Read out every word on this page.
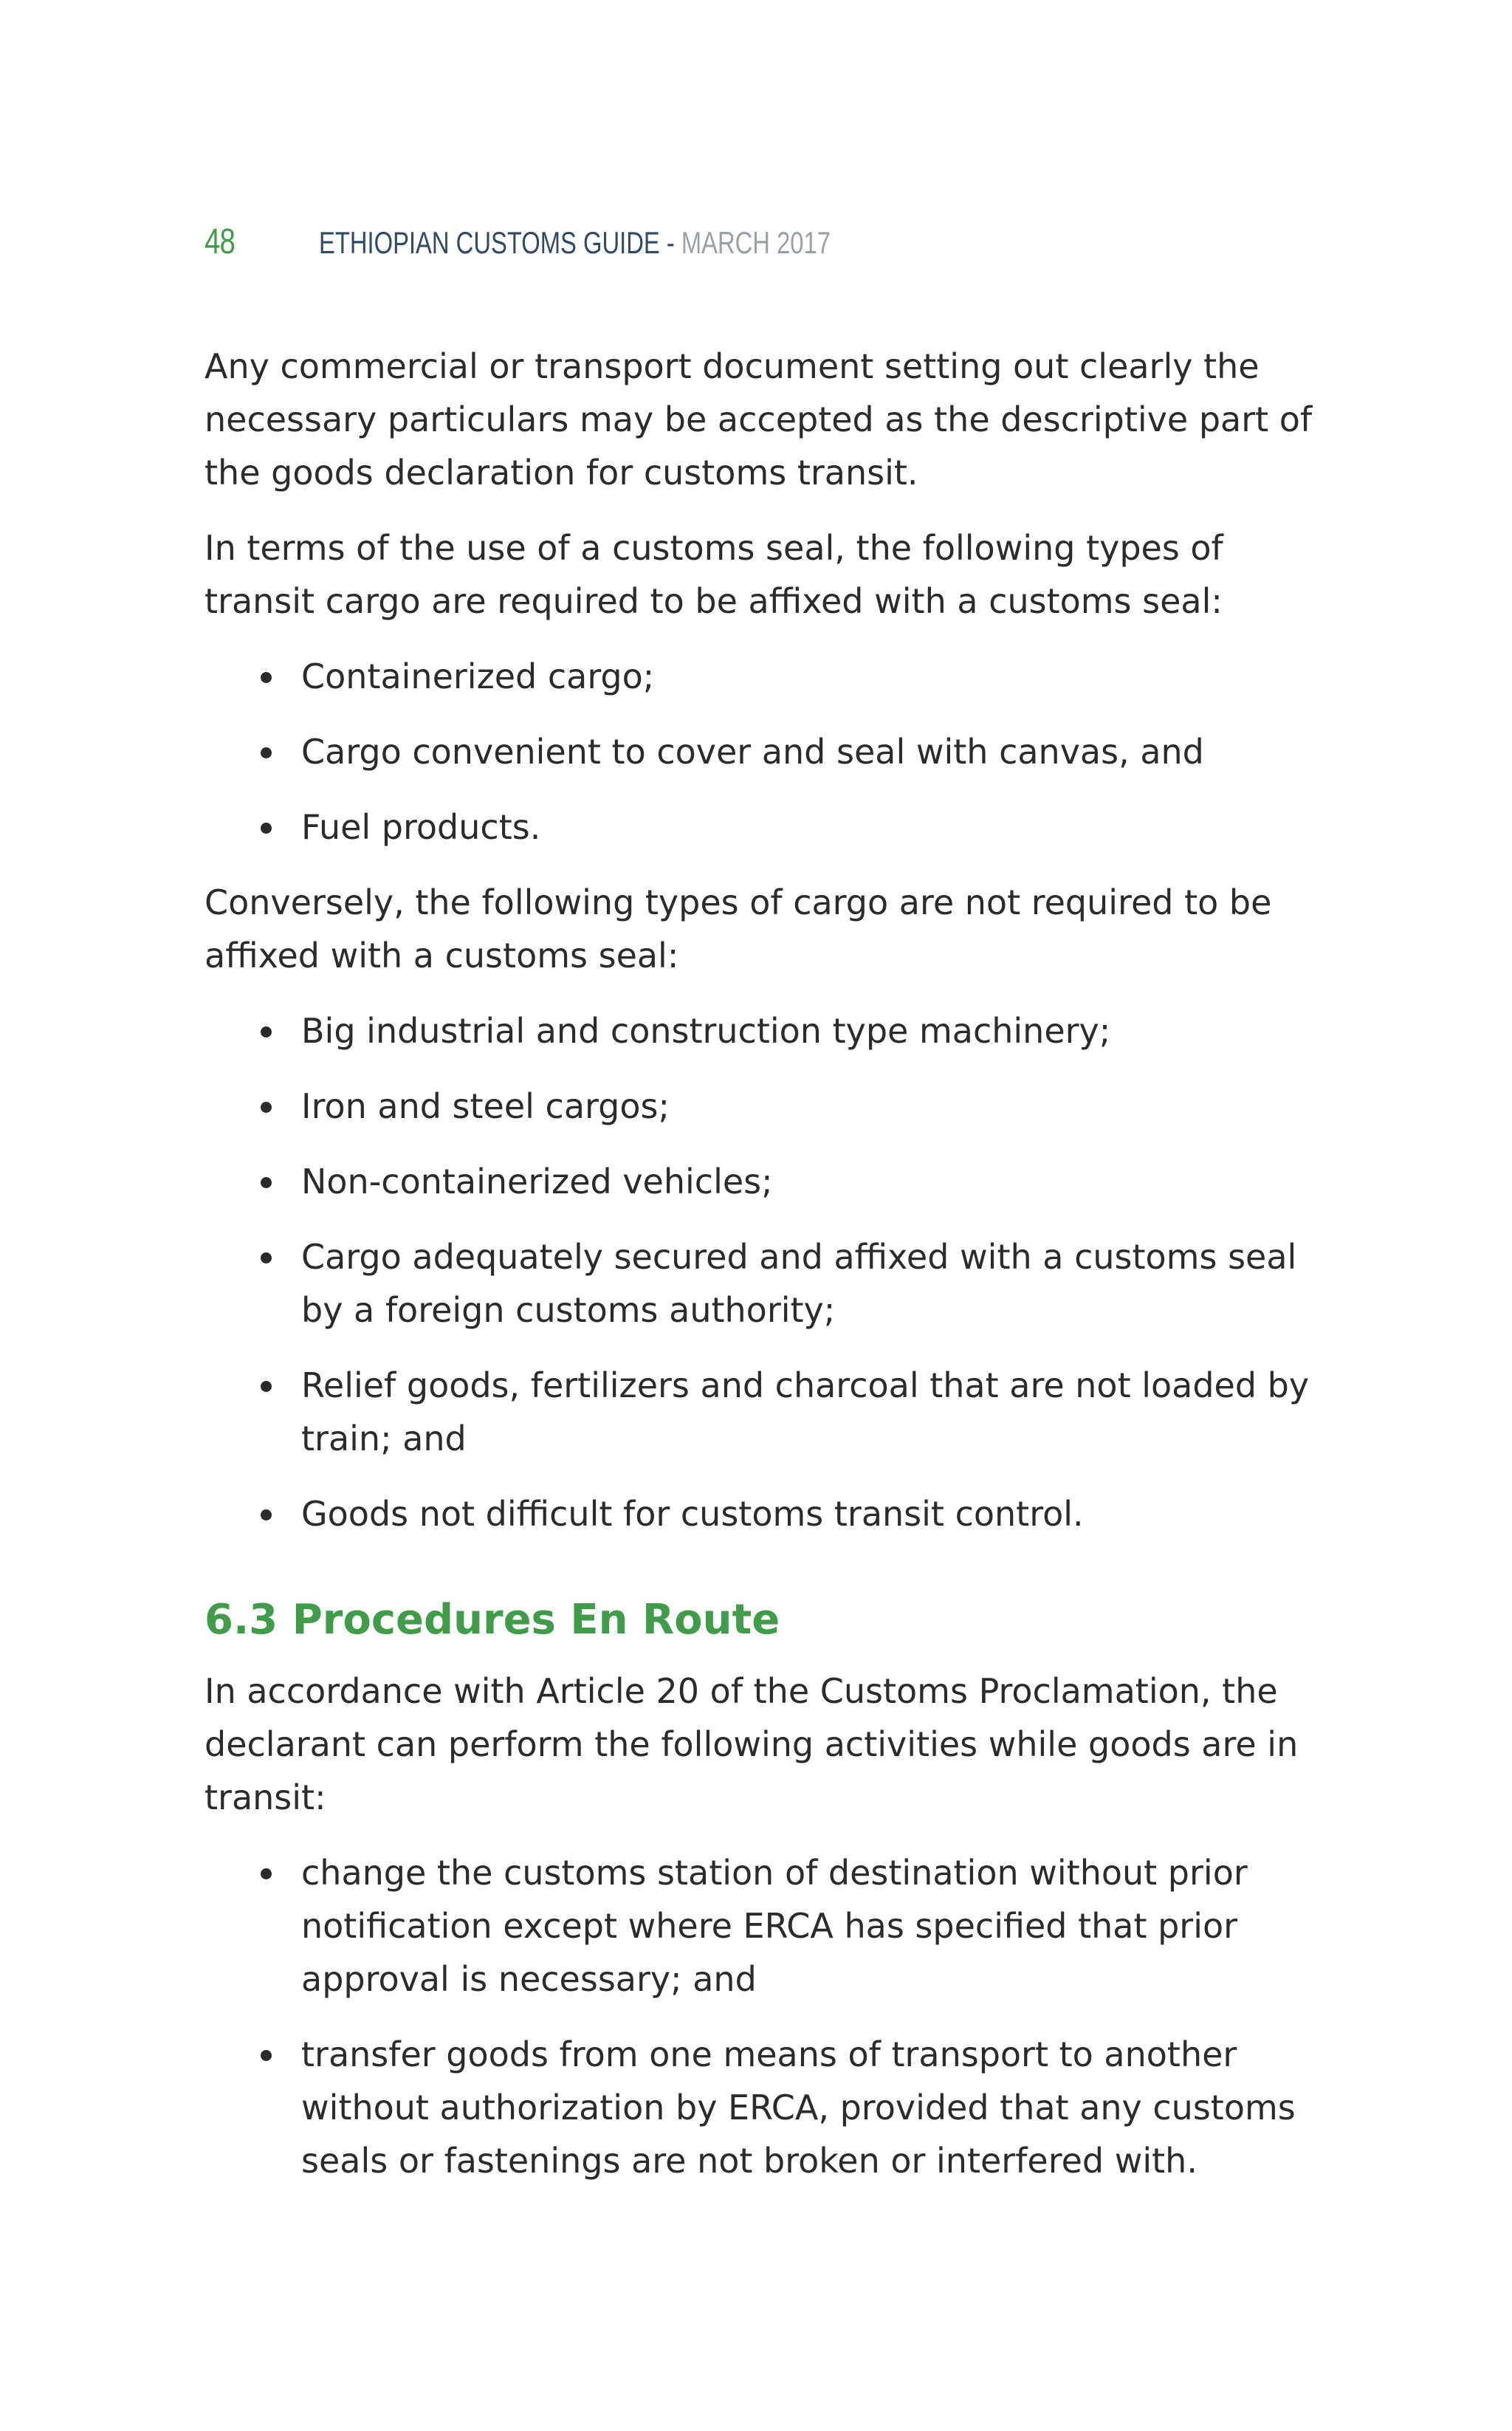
48	ETHIOPIAN CUSTOMS GUIDE - MARCH 2017

Any commercial or transport document setting out clearly the necessary particulars may be accepted as the descriptive part of the goods declaration for customs transit.

In terms of the use of a customs seal, the following types of transit cargo are required to be affixed with a customs seal:

Containerized cargo;
Cargo convenient to cover and seal with canvas, and
Fuel products.

Conversely, the following types of cargo are not required to be affixed with a customs seal:

Big industrial and construction type machinery;
Iron and steel cargos;
Non-containerized vehicles;
Cargo adequately secured and affixed with a customs seal by a foreign customs authority;
Relief goods, fertilizers and charcoal that are not loaded by train; and
Goods not difficult for customs transit control.
6.3 Procedures En Route

In accordance with Article 20 of the Customs Proclamation, the declarant can perform the following activities while goods are in transit:

change the customs station of destination without prior notification except where ERCA has specified that prior approval is necessary; and
transfer goods from one means of transport to another without authorization by ERCA, provided that any customs seals or fastenings are not broken or interfered with.
